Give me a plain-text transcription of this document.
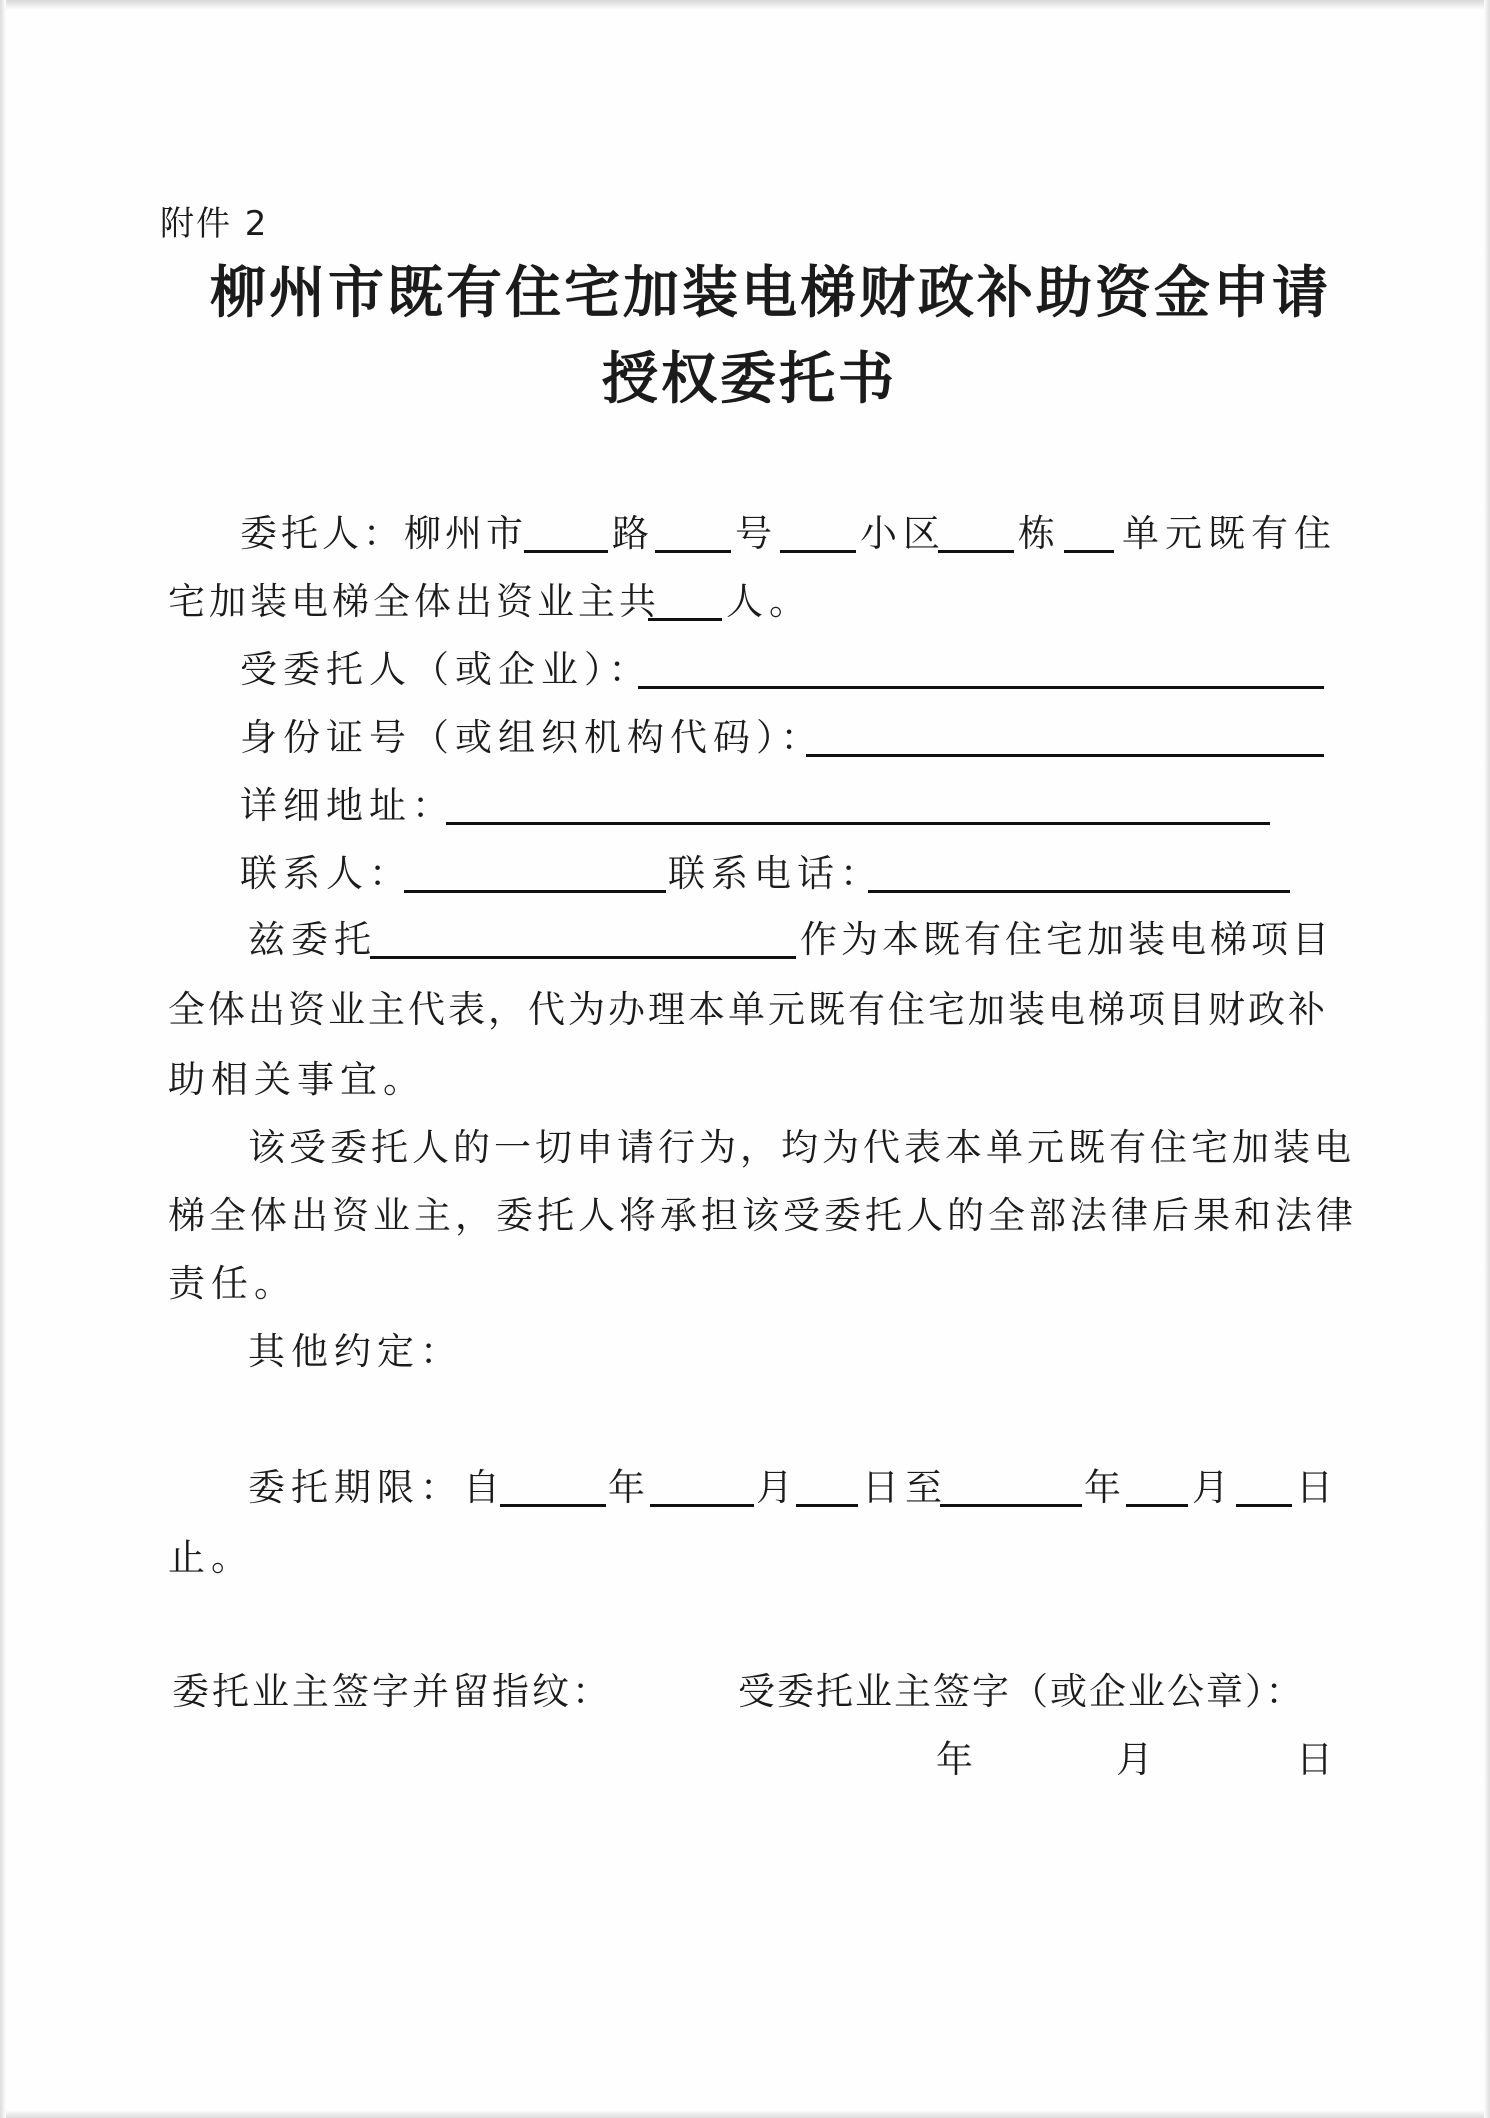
附件 2
柳州市既有住宅加装电梯财政补助资金申请
授权委托书
委托人：柳州市 路 号 小区 栋 单元既有住
宅加装电梯全体出资业主共 人。
受委托人（或企业）：
身份证号（或组织机构代码）：
详细地址：
联系人：	联系电话：
兹委托	作为本既有住宅加装电梯项目
全体出资业主代表，代为办理本单元既有住宅加装电梯项目财政补
助相关事宜。
该受委托人的一切申请行为，均为代表本单元既有住宅加装电
梯全体出资业主，委托人将承担该受委托人的全部法律后果和法律
责任。
其他约定：
委托期限：自	年	月 日至	年 月 日
止。
委托业主签字并留指纹：	受委托业主签字（或企业公章）：
年	月	日
